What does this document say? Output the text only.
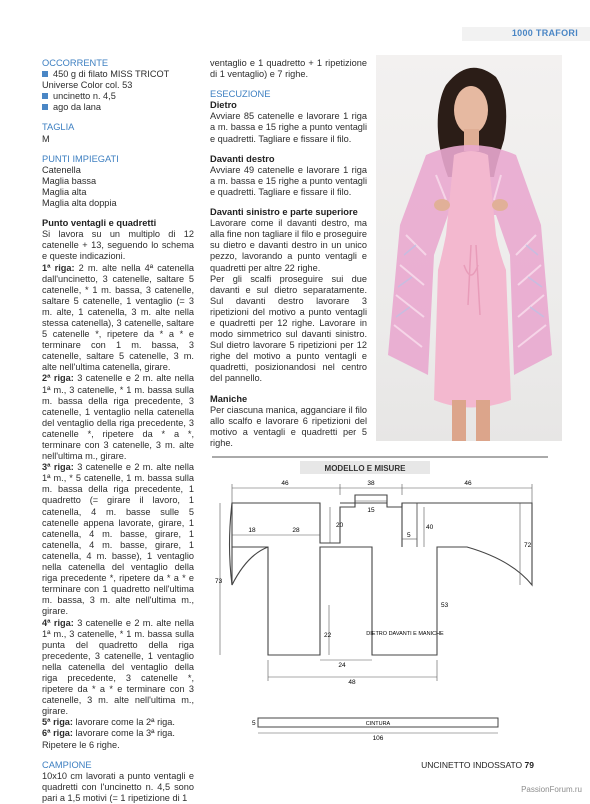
1000 TRAFORI
OCCORRENTE
450 g di filato MISS TRICOT Universe Color col. 53
uncinetto n. 4,5
ago da lana
TAGLIA
M
PUNTI IMPIEGATI
Catenella
Maglia bassa
Maglia alta
Maglia alta doppia
Punto ventagli e quadretti

Si lavora su un multiplo di 12 catenelle + 13, seguendo lo schema e queste indicazioni.

1ª riga: 2 m. alte nella 4ª catenella dall'uncinetto, 3 catenelle, saltare 5 catenelle, * 1 m. bassa, 3 catenelle, saltare 5 catenelle, 1 ventaglio (= 3 m. alte, 1 catenella, 3 m. alte nella stessa catenella), 3 catenelle, saltare 5 catenelle *, ripetere da * a * e terminare con 1 m. bassa, 3 catenelle, saltare 5 catenelle, 3 m. alte nell'ultima catenella, girare.

2ª riga: 3 catenelle e 2 m. alte nella 1ª m., 3 catenelle, * 1 m. bassa sulla m. bassa della riga precedente, 3 catenelle, 1 ventaglio nella catenella del ventaglio della riga precedente, 3 catenelle *, ripetere da * a *, terminare con 3 catenelle, 3 m. alte nell'ultima m., girare.

3ª riga: 3 catenelle e 2 m. alte nella 1ª m., * 5 catenelle, 1 m. bassa sulla m. bassa della riga precedente, 1 quadretto (= girare il lavoro, 1 catenella, 4 m. basse sulle 5 catenelle appena lavorate, girare, 1 catenella, 4 m. basse, girare, 1 catenella, 4 m. basse, girare, 1 catenella, 4 m. basse), 1 ventaglio nella catenella del ventaglio della riga precedente *, ripetere da * a * e terminare con 1 quadretto nell'ultima m. bassa, 3 m. alte nell'ultima m., girare.

4ª riga: 3 catenelle e 2 m. alte nella 1ª m., 3 catenelle, * 1 m. bassa sulla punta del quadretto della riga precedente, 3 catenelle, 1 ventaglio nella catenella del ventaglio della riga precedente, 3 catenelle *, ripetere da * a * e terminare con 3 catenelle, 3 m. alte nell'ultima m., girare.

5ª riga: lavorare come la 2ª riga.

6ª riga: lavorare come la 3ª riga.

Ripetere le 6 righe.

CAMPIONE

10x10 cm lavorati a punto ventagli e quadretti con l'uncinetto n. 4,5 sono pari a 1,5 motivi (= 1 ripetizione di 1

ventaglio e 1 quadretto + 1 ripetizione di 1 ventaglio) e 7 righe.

ESECUZIONE
Dietro

Avviare 85 catenelle e lavorare 1 riga a m. bassa e 15 righe a punto ventagli e quadretti. Tagliare e fissare il filo.

Davanti destro

Avviare 49 catenelle e lavorare 1 riga a m. bassa e 15 righe a punto ventagli e quadretti. Tagliare e fissare il filo.

Davanti sinistro e parte superiore

Lavorare come il davanti destro, ma alla fine non tagliare il filo e proseguire su dietro e davanti destro in un unico pezzo, lavorando a punto ventagli e quadretti per altre 22 righe.

Per gli scalfi proseguire sui due davanti e sul dietro separatamente. Sul davanti destro lavorare 3 ripetizioni del motivo a punto ventagli e quadretti per 12 righe. Lavorare in modo simmetrico sul davanti sinistro. Sul dietro lavorare 5 ripetizioni per 12 righe del motivo a punto ventagli e quadretti, posizionandosi nel centro del pannello.

Maniche

Per ciascuna manica, agganciare il filo allo scalfo e lavorare 6 ripetizioni del motivo a ventagli e quadretti per 5 righe.

MODELLO E MISURE
46	38	46
18	28
20
15
40
5
72
73
53
22
24
48
DIETRO DAVANTI E MANICHE
CINTURA
5
106
UNCINETTO INDOSSATO 79
PassionForum.ru
